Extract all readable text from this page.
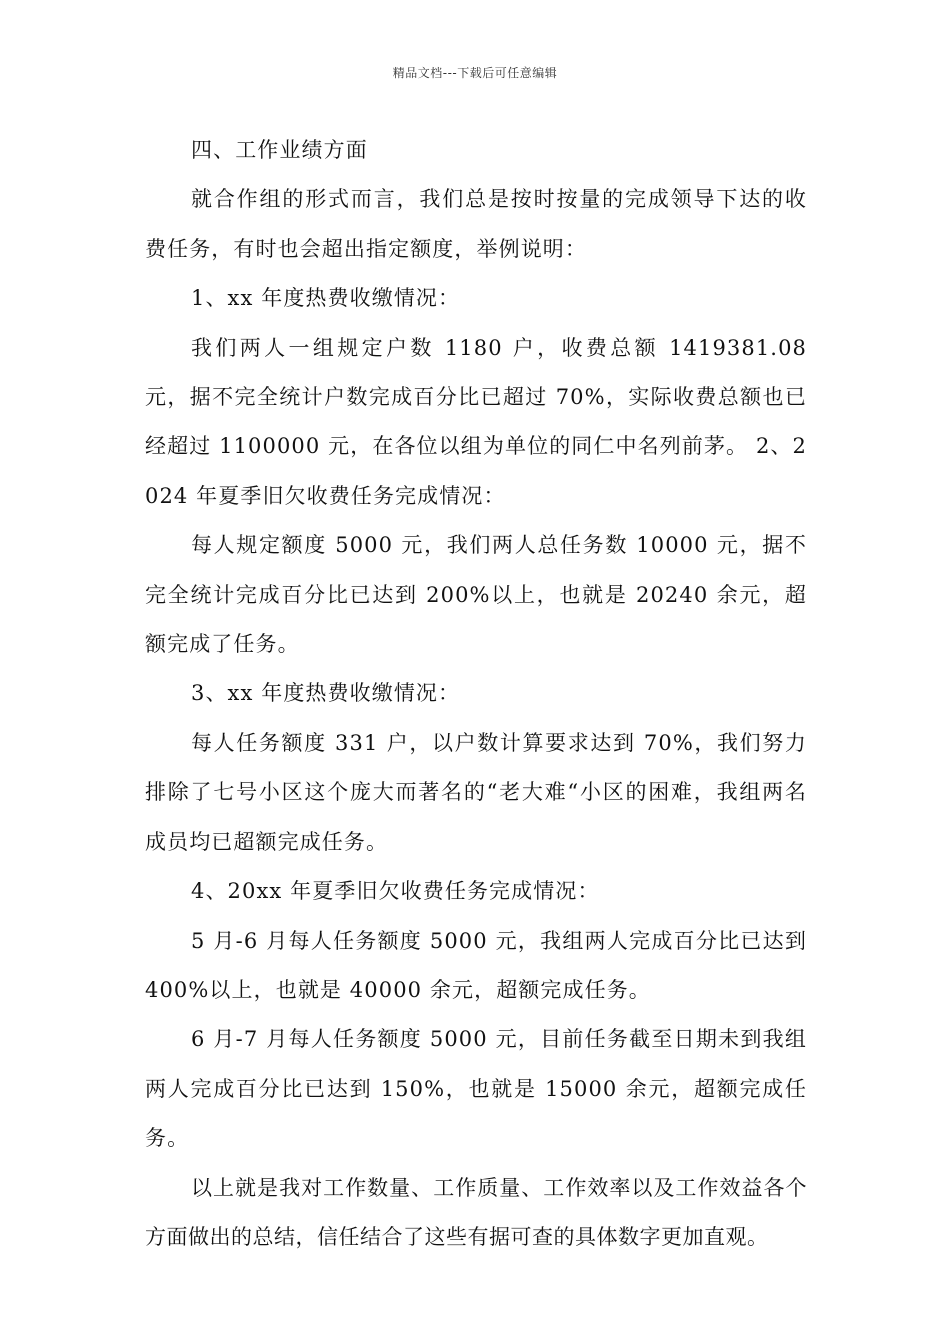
精品文档---下载后可任意编辑

四、工作业绩方面

就合作组的形式而言，我们总是按时按量的完成领导下达的收费任务，有时也会超出指定额度，举例说明：

1、xx 年度热费收缴情况：

我们两人一组规定户数 1180 户，收费总额 1419381.08 元，据不完全统计户数完成百分比已超过 70%，实际收费总额也已经超过 1100000 元，在各位以组为单位的同仁中名列前茅。 2、2024 年夏季旧欠收费任务完成情况：

每人规定额度 5000 元，我们两人总任务数 10000 元，据不完全统计完成百分比已达到 200%以上，也就是 20240 余元，超额完成了任务。

3、xx 年度热费收缴情况：

每人任务额度 331 户，以户数计算要求达到 70%，我们努力排除了七号小区这个庞大而著名的“老大难“小区的困难，我组两名成员均已超额完成任务。

4、20xx 年夏季旧欠收费任务完成情况：

5 月-6 月每人任务额度 5000 元，我组两人完成百分比已达到 400%以上，也就是 40000 余元，超额完成任务。

6 月-7 月每人任务额度 5000 元，目前任务截至日期未到我组两人完成百分比已达到 150%，也就是 15000 余元，超额完成任务。

以上就是我对工作数量、工作质量、工作效率以及工作效益各个方面做出的总结，信任结合了这些有据可查的具体数字更加直观。
